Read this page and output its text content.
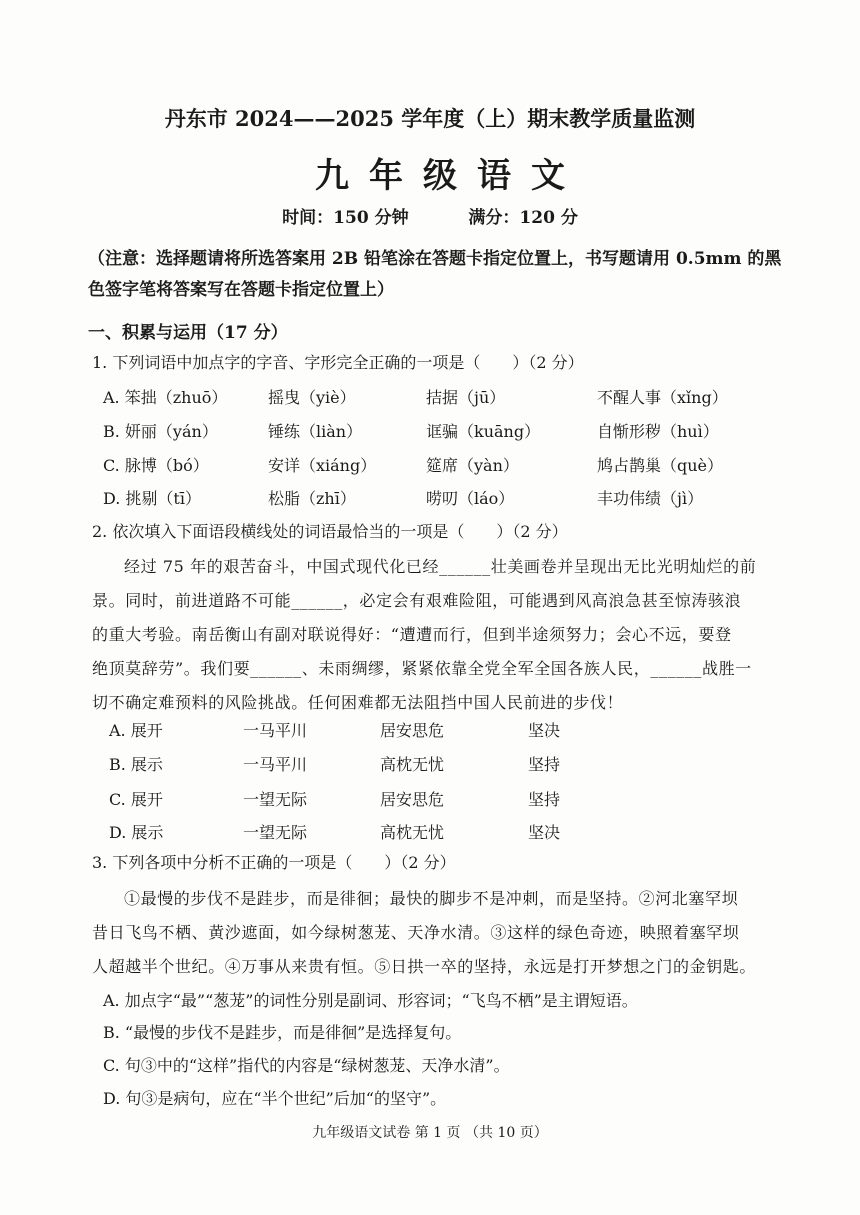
丹东市 2024——2025 学年度（上）期末教学质量监测
九年级语文
时间：150 分钟	满分：120 分
（注意：选择题请将所选答案用 2B 铅笔涂在答题卡指定位置上，书写题请用 0.5mm 的黑
色签字笔将答案写在答题卡指定位置上）
一、积累与运用（17 分）
1. 下列词语中加点字的字音、字形完全正确的一项是（　　）（2 分）
A. 笨拙（zhuō）	摇曳（yiè）	拮据（jū）	不醒人事（xǐng）
B. 妍丽（yán）	锤练（liàn）	诓骗（kuāng）	自惭形秽（huì）
C. 脉博（bó）	安详（xiáng）	筵席（yàn）	鸠占鹊巢（què）
D. 挑剔（tī）	松脂（zhī）	唠叨（láo）	丰功伟绩（jì）
2. 依次填入下面语段横线处的词语最恰当的一项是（　　）（2 分）
经过 75 年的艰苦奋斗，中国式现代化已经______壮美画卷并呈现出无比光明灿烂的前
景。同时，前进道路不可能______，必定会有艰难险阻，可能遇到风高浪急甚至惊涛骇浪
的重大考验。南岳衡山有副对联说得好：“遭遭而行，但到半途须努力；会心不远，要登
绝顶莫辞劳”。我们要______、未雨绸缪，紧紧依靠全党全军全国各族人民，______战胜一
切不确定难预料的风险挑战。任何困难都无法阻挡中国人民前进的步伐！
A. 展开	一马平川	居安思危	坚决
B. 展示	一马平川	高枕无忧	坚持
C. 展开	一望无际	居安思危	坚持
D. 展示	一望无际	高枕无忧	坚决
3. 下列各项中分析不正确的一项是（　　）（2 分）
①最慢的步伐不是跬步，而是徘徊；最快的脚步不是冲刺，而是坚持。②河北塞罕坝
昔日飞鸟不栖、黄沙遮面，如今绿树葱茏、天净水清。③这样的绿色奇迹，映照着塞罕坝
人超越半个世纪。④万事从来贵有恒。⑤日拱一卒的坚持，永远是打开梦想之门的金钥匙。
A. 加点字“最”“葱茏”的词性分别是副词、形容词；“飞鸟不栖”是主谓短语。
B. “最慢的步伐不是跬步，而是徘徊”是选择复句。
C. 句③中的“这样”指代的内容是“绿树葱茏、天净水清”。
D. 句③是病句，应在“半个世纪”后加“的坚守”。
九年级语文试卷 第 1 页 （共 10 页）
